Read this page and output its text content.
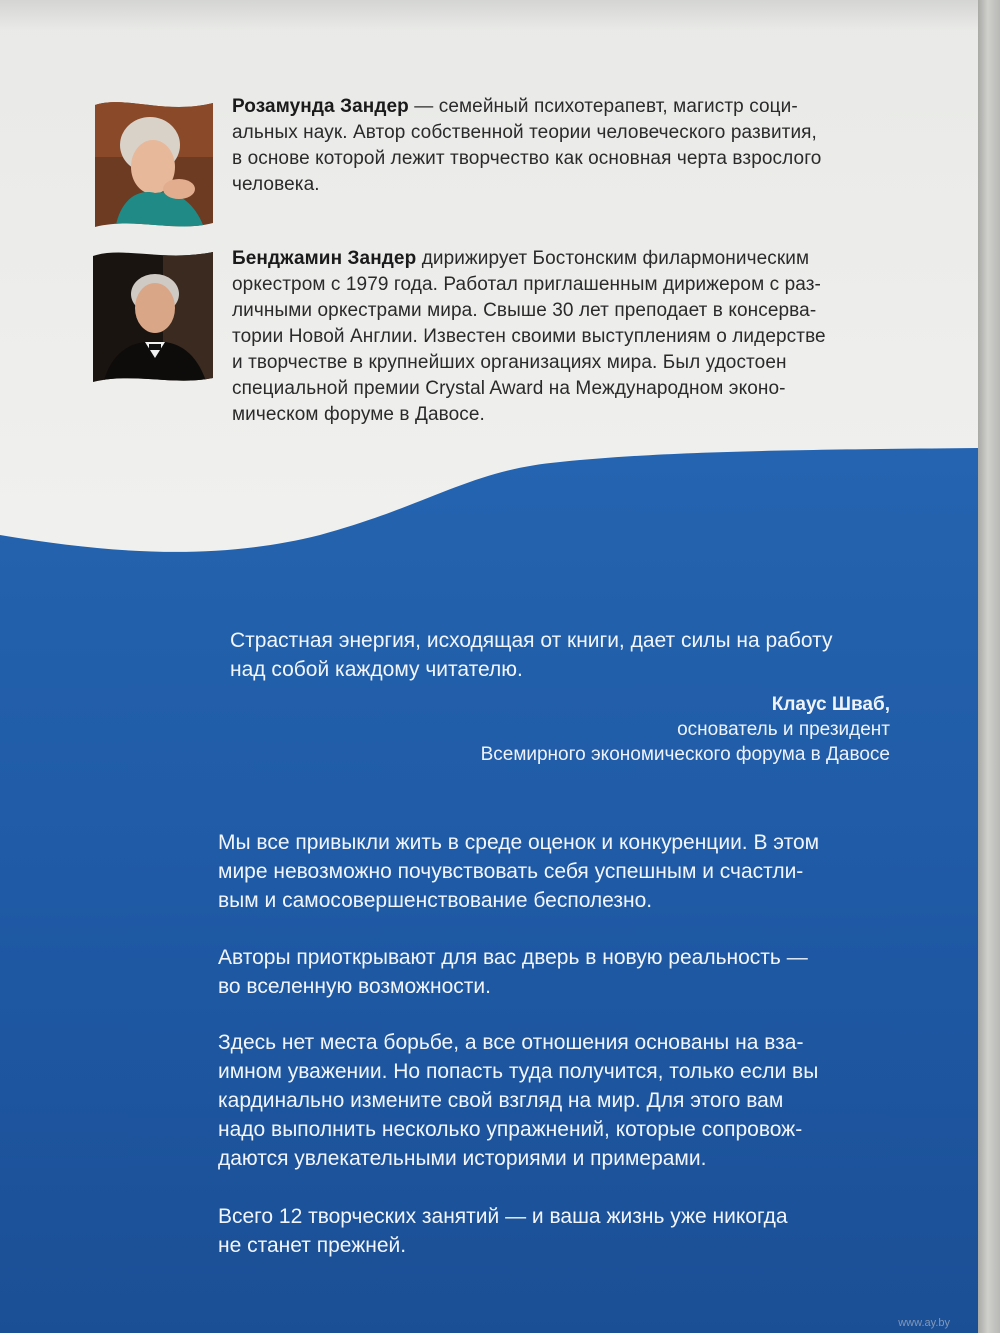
Розамунда Зандер — семейный психотерапевт, магистр соци-
альных наук. Автор собственной теории человеческого развития,
в основе которой лежит творчество как основная черта взрослого
человека.
Бенджамин Зандер дирижирует Бостонским филармоническим
оркестром с 1979 года. Работал приглашенным дирижером с раз-
личными оркестрами мира. Свыше 30 лет преподает в консерва-
тории Новой Англии. Известен своими выступлениям о лидерстве
и творчестве в крупнейших организациях мира. Был удостоен
специальной премии Crystal Award на Международном эконо-
мическом форуме в Давосе.
Страстная энергия, исходящая от книги, дает силы на работу
над собой каждому читателю.
Клаус Шваб,
основатель и президент
Всемирного экономического форума в Давосе
Мы все привыкли жить в среде оценок и конкуренции. В этом
мире невозможно почувствовать себя успешным и счастли-
вым и самосовершенствование бесполезно.
Авторы приоткрывают для вас дверь в новую реальность —
во вселенную возможности.
Здесь нет места борьбе, а все отношения основаны на вза-
имном уважении. Но попасть туда получится, только если вы
кардинально измените свой взгляд на мир. Для этого вам
надо выполнить несколько упражнений, которые сопровож-
даются увлекательными историями и примерами.
Всего 12 творческих занятий — и ваша жизнь уже никогда
не станет прежней.
www.ay.by
